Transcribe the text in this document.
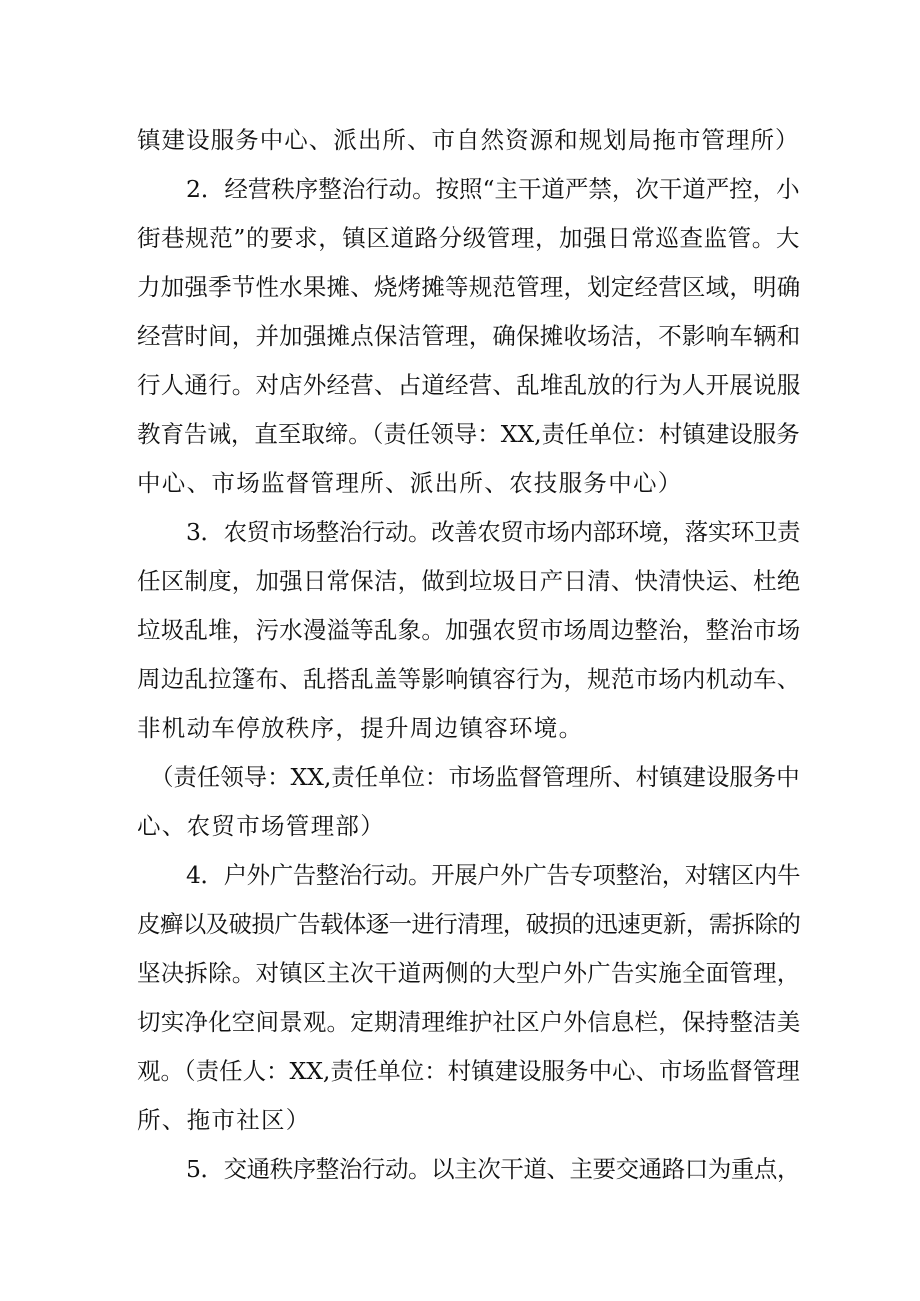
镇建设服务中心、派出所、市自然资源和规划局拖市管理所）
2．经营秩序整治行动。按照“主干道严禁，次干道严控，小
街巷规范”的要求，镇区道路分级管理，加强日常巡查监管。大
力加强季节性水果摊、烧烤摊等规范管理，划定经营区域，明确
经营时间，并加强摊点保洁管理，确保摊收场洁，不影响车辆和
行人通行。对店外经营、占道经营、乱堆乱放的行为人开展说服
教育告诫，直至取缔。（责任领导：XX,责任单位：村镇建设服务
中心、市场监督管理所、派出所、农技服务中心）
3．农贸市场整治行动。改善农贸市场内部环境，落实环卫责
任区制度，加强日常保洁，做到垃圾日产日清、快清快运、杜绝
垃圾乱堆，污水漫溢等乱象。加强农贸市场周边整治，整治市场
周边乱拉篷布、乱搭乱盖等影响镇容行为，规范市场内机动车、
非机动车停放秩序，提升周边镇容环境。
（责任领导：XX,责任单位：市场监督管理所、村镇建设服务中
心、农贸市场管理部）
4．户外广告整治行动。开展户外广告专项整治，对辖区内牛
皮癣以及破损广告载体逐一进行清理，破损的迅速更新，需拆除的
坚决拆除。对镇区主次干道两侧的大型户外广告实施全面管理，
切实净化空间景观。定期清理维护社区户外信息栏，保持整洁美
观。（责任人：XX,责任单位：村镇建设服务中心、市场监督管理
所、拖市社区）
5．交通秩序整治行动。以主次干道、主要交通路口为重点，
